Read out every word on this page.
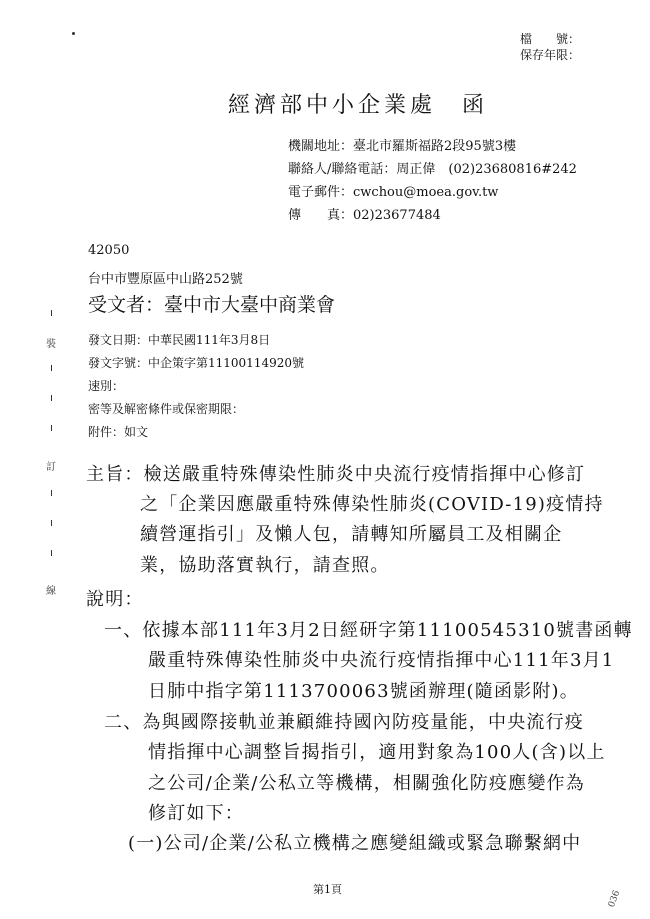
檔　　號：
保存年限：
經濟部中小企業處　函
機關地址：臺北市羅斯福路2段95號3樓
聯絡人/聯絡電話：周正偉　(02)23680816#242
電子郵件：cwchou@moea.gov.tw
傳　　真：02)23677484
42050
台中市豐原區中山路252號
受文者：臺中市大臺中商業會
發文日期：中華民國111年3月8日
發文字號：中企策字第11100114920號
速別：
密等及解密條件或保密期限：
附件：如文
裝
訂
線
主旨：檢送嚴重特殊傳染性肺炎中央流行疫情指揮中心修訂
之「企業因應嚴重特殊傳染性肺炎(COVID-19)疫情持
續營運指引」及懶人包，請轉知所屬員工及相關企
業，協助落實執行，請查照。
說明：
一、依據本部111年3月2日經研字第11100545310號書函轉
嚴重特殊傳染性肺炎中央流行疫情指揮中心111年3月1
日肺中指字第1113700063號函辦理(隨函影附)。
二、為與國際接軌並兼顧維持國內防疫量能，中央流行疫
情指揮中心調整旨揭指引，適用對象為100人(含)以上
之公司/企業/公私立等機構，相關強化防疫應變作為
修訂如下：
(一)公司/企業/公私立機構之應變組織或緊急聯繫網中
第1頁	036
